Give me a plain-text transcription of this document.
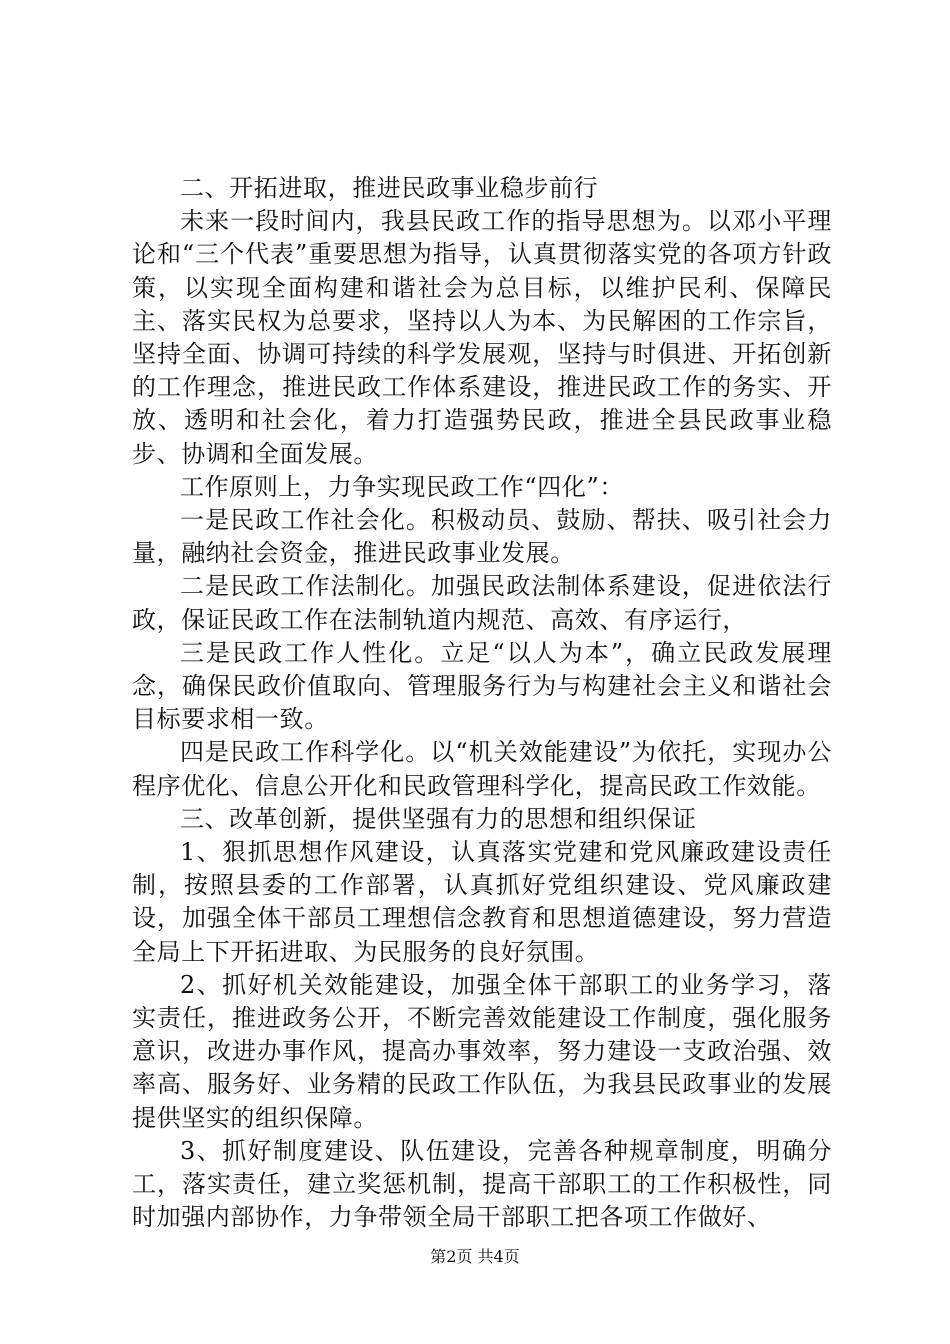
二、开拓进取，推进民政事业稳步前行

未来一段时间内，我县民政工作的指导思想为。以邓小平理论和“三个代表”重要思想为指导，认真贯彻落实党的各项方针政策，以实现全面构建和谐社会为总目标，以维护民利、保障民主、落实民权为总要求，坚持以人为本、为民解困的工作宗旨，坚持全面、协调可持续的科学发展观，坚持与时俱进、开拓创新的工作理念，推进民政工作体系建设，推进民政工作的务实、开放、透明和社会化，着力打造强势民政，推进全县民政事业稳步、协调和全面发展。

工作原则上，力争实现民政工作“四化”：

一是民政工作社会化。积极动员、鼓励、帮扶、吸引社会力量，融纳社会资金，推进民政事业发展。

二是民政工作法制化。加强民政法制体系建设，促进依法行政，保证民政工作在法制轨道内规范、高效、有序运行，

三是民政工作人性化。立足“以人为本”，确立民政发展理念，确保民政价值取向、管理服务行为与构建社会主义和谐社会目标要求相一致。

四是民政工作科学化。以“机关效能建设”为依托，实现办公程序优化、信息公开化和民政管理科学化，提高民政工作效能。

三、改革创新，提供坚强有力的思想和组织保证

1、狠抓思想作风建设，认真落实党建和党风廉政建设责任制，按照县委的工作部署，认真抓好党组织建设、党风廉政建设，加强全体干部员工理想信念教育和思想道德建设，努力营造全局上下开拓进取、为民服务的良好氛围。

2、抓好机关效能建设，加强全体干部职工的业务学习，落实责任，推进政务公开，不断完善效能建设工作制度，强化服务意识，改进办事作风，提高办事效率，努力建设一支政治强、效率高、服务好、业务精的民政工作队伍，为我县民政事业的发展提供坚实的组织保障。

3、抓好制度建设、队伍建设，完善各种规章制度，明确分工，落实责任，建立奖惩机制，提高干部职工的工作积极性，同时加强内部协作，力争带领全局干部职工把各项工作做好、

第2页 共4页
